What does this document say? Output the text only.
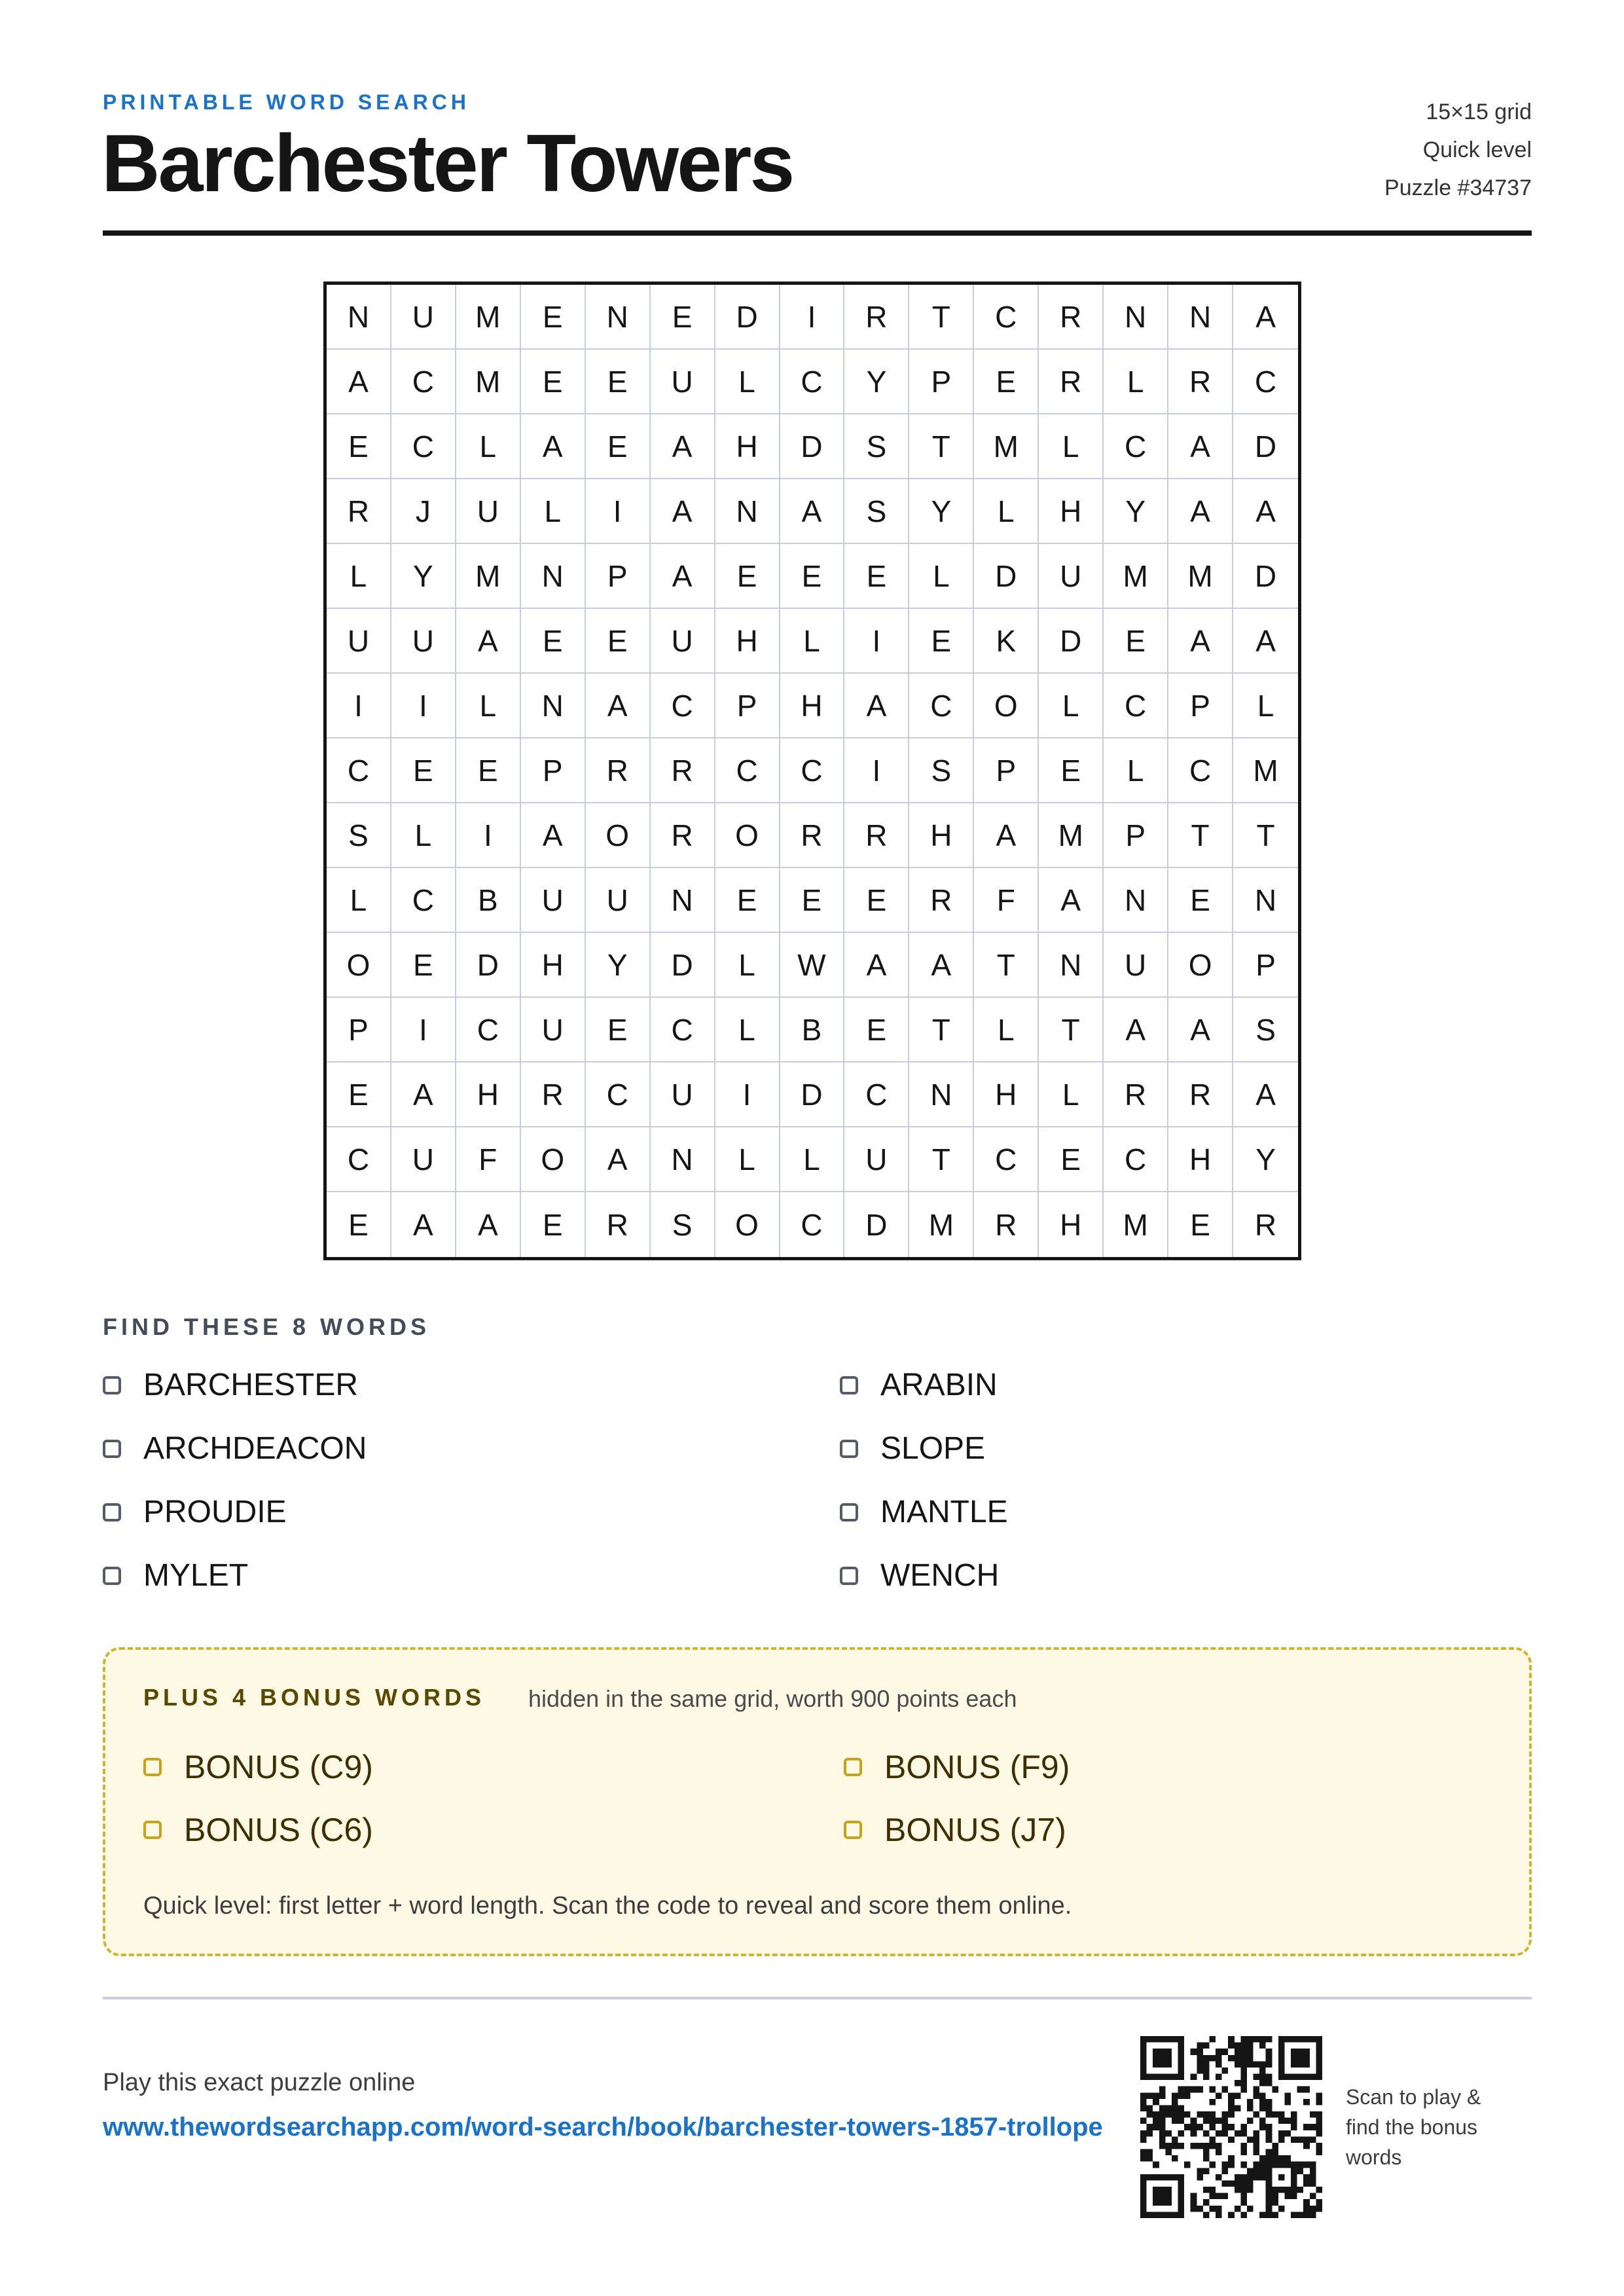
PRINTABLE WORD SEARCH
Barchester Towers
15×15 grid
Quick level
Puzzle #34737
N	U	M	E	N	E	D	I	R	T	C	R	N	N	A
A	C	M	E	E	U	L	C	Y	P	E	R	L	R	C
E	C	L	A	E	A	H	D	S	T	M	L	C	A	D
R	J	U	L	I	A	N	A	S	Y	L	H	Y	A	A
L	Y	M	N	P	A	E	E	E	L	D	U	M	M	D
U	U	A	E	E	U	H	L	I	E	K	D	E	A	A
I	I	L	N	A	C	P	H	A	C	O	L	C	P	L
C	E	E	P	R	R	C	C	I	S	P	E	L	C	M
S	L	I	A	O	R	O	R	R	H	A	M	P	T	T
L	C	B	U	U	N	E	E	E	R	F	A	N	E	N
O	E	D	H	Y	D	L	W	A	A	T	N	U	O	P
P	I	C	U	E	C	L	B	E	T	L	T	A	A	S
E	A	H	R	C	U	I	D	C	N	H	L	R	R	A
C	U	F	O	A	N	L	L	U	T	C	E	C	H	Y
E	A	A	E	R	S	O	C	D	M	R	H	M	E	R
FIND THESE 8 WORDS
BARCHESTER	ARABIN
ARCHDEACON	SLOPE
PROUDIE	MANTLE
MYLET	WENCH
PLUS 4 BONUS WORDS hidden in the same grid, worth 900 points each
BONUS (C9)	BONUS (F9)
BONUS (C6)	BONUS (J7)
Quick level: first letter + word length. Scan the code to reveal and score them online.
Play this exact puzzle online
www.thewordsearchapp.com/word-search/book/barchester-towers-1857-trollope
Scan to play & find the bonus words
